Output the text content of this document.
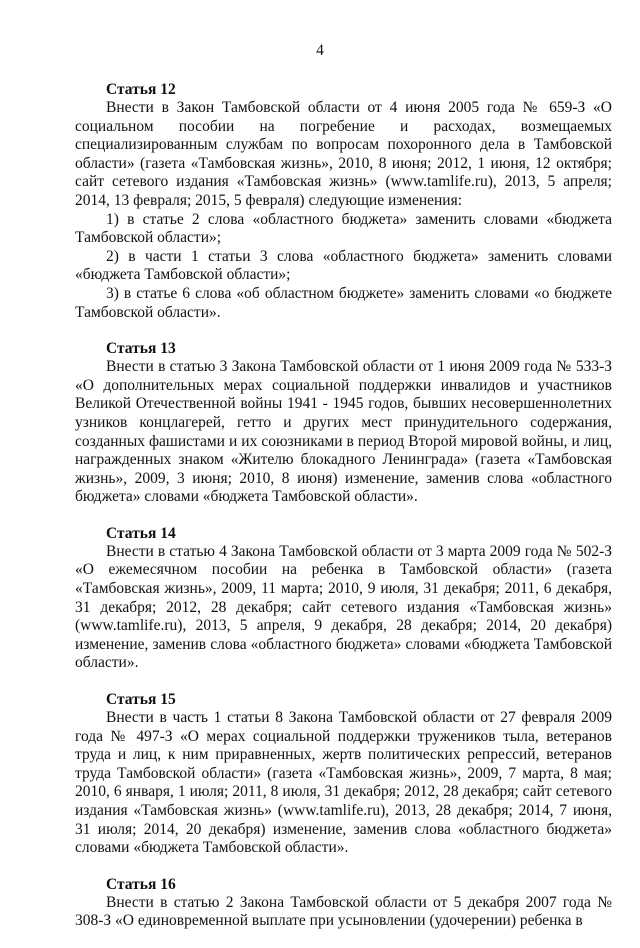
4
Статья 12

Внести в Закон Тамбовской области от 4 июня 2005 года № 659-З «О социальном пособии на погребение и расходах, возмещаемых специализированным службам по вопросам похоронного дела в Тамбовской области» (газета «Тамбовская жизнь», 2010, 8 июня; 2012, 1 июня, 12 октября; сайт сетевого издания «Тамбовская жизнь» (www.tamlife.ru), 2013, 5 апреля; 2014, 13 февраля; 2015, 5 февраля) следующие изменения:

1) в статье 2 слова «областного бюджета» заменить словами «бюджета Тамбовской области»;

2) в части 1 статьи 3 слова «областного бюджета» заменить словами «бюджета Тамбовской области»;

3) в статье 6 слова «об областном бюджете» заменить словами «о бюджете Тамбовской области».

Статья 13

Внести в статью 3 Закона Тамбовской области от 1 июня 2009 года № 533-З «О дополнительных мерах социальной поддержки инвалидов и участников Великой Отечественной войны 1941 - 1945 годов, бывших несовершеннолетних узников концлагерей, гетто и других мест принудительного содержания, созданных фашистами и их союзниками в период Второй мировой войны, и лиц, награжденных знаком «Жителю блокадного Ленинграда» (газета «Тамбовская жизнь», 2009, 3 июня; 2010, 8 июня) изменение, заменив слова «областного бюджета» словами «бюджета Тамбовской области».

Статья 14

Внести в статью 4 Закона Тамбовской области от 3 марта 2009 года № 502-З «О ежемесячном пособии на ребенка в Тамбовской области» (газета «Тамбовская жизнь», 2009, 11 марта; 2010, 9 июля, 31 декабря; 2011, 6 декабря, 31 декабря; 2012, 28 декабря; сайт сетевого издания «Тамбовская жизнь» (www.tamlife.ru), 2013, 5 апреля, 9 декабря, 28 декабря; 2014, 20 декабря) изменение, заменив слова «областного бюджета» словами «бюджета Тамбовской области».

Статья 15

Внести в часть 1 статьи 8 Закона Тамбовской области от 27 февраля 2009 года № 497-З «О мерах социальной поддержки тружеников тыла, ветеранов труда и лиц, к ним приравненных, жертв политических репрессий, ветеранов труда Тамбовской области» (газета «Тамбовская жизнь», 2009, 7 марта, 8 мая; 2010, 6 января, 1 июля; 2011, 8 июля, 31 декабря; 2012, 28 декабря; сайт сетевого издания «Тамбовская жизнь» (www.tamlife.ru), 2013, 28 декабря; 2014, 7 июня, 31 июля; 2014, 20 декабря) изменение, заменив слова «областного бюджета» словами «бюджета Тамбовской области».

Статья 16

Внести в статью 2 Закона Тамбовской области от 5 декабря 2007 года № 308-З «О единовременной выплате при усыновлении (удочерении) ребенка в
